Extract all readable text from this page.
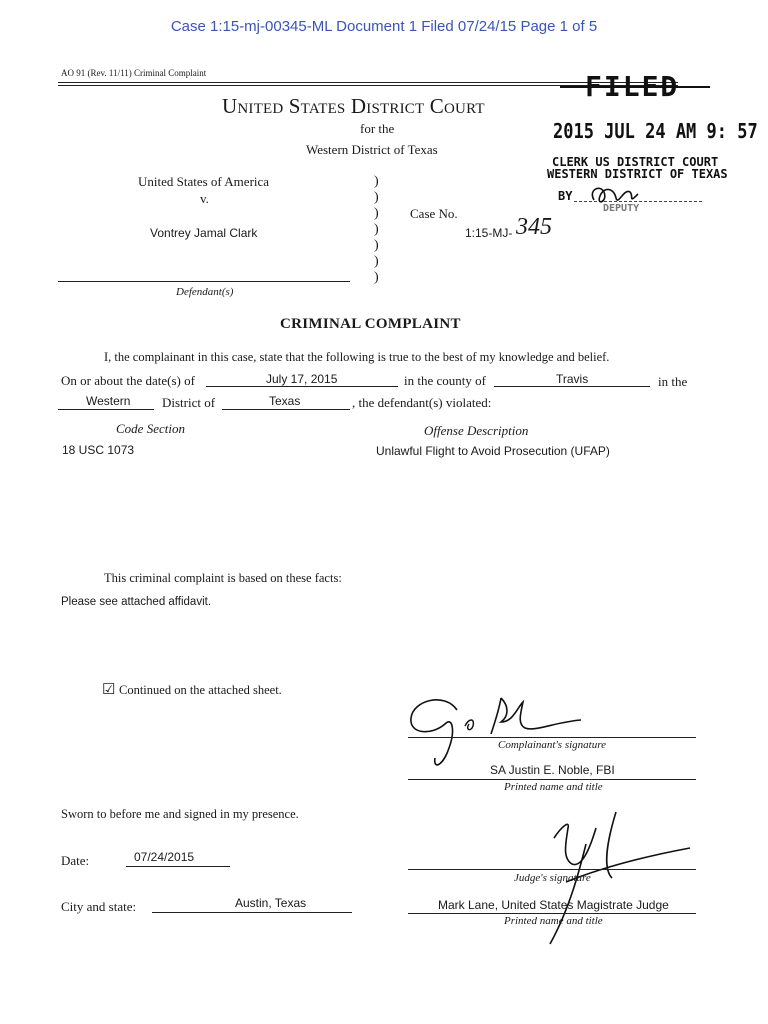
Case 1:15-mj-00345-ML Document 1 Filed 07/24/15 Page 1 of 5
AO 91 (Rev. 11/11) Criminal Complaint
United States District Court
for the
Western District of Texas
FILED
2015 JUL 24 AM 9: 57
CLERK US DISTRICT COURT
WESTERN DISTRICT OF TEXAS
BY
DEPUTY
United States of America
v.
Vontrey Jamal Clark
Defendant(s)
)
)
)
)
)
)
)
Case No.
1:15-MJ- 345
CRIMINAL COMPLAINT
I, the complainant in this case, state that the following is true to the best of my knowledge and belief.
On or about the date(s) of	July 17, 2015	in the county of	Travis	in the
Western District of	Texas	, the defendant(s) violated:
Code Section	Offense Description
18 USC 1073	Unlawful Flight to Avoid Prosecution (UFAP)
This criminal complaint is based on these facts:
Please see attached affidavit.
☑ Continued on the attached sheet.
Complainant's signature
SA Justin E. Noble, FBI
Printed name and title
Sworn to before me and signed in my presence.
Date:	07/24/2015
Judge's signature
City and state:	Austin, Texas	Mark Lane, United States Magistrate Judge
Printed name and title
